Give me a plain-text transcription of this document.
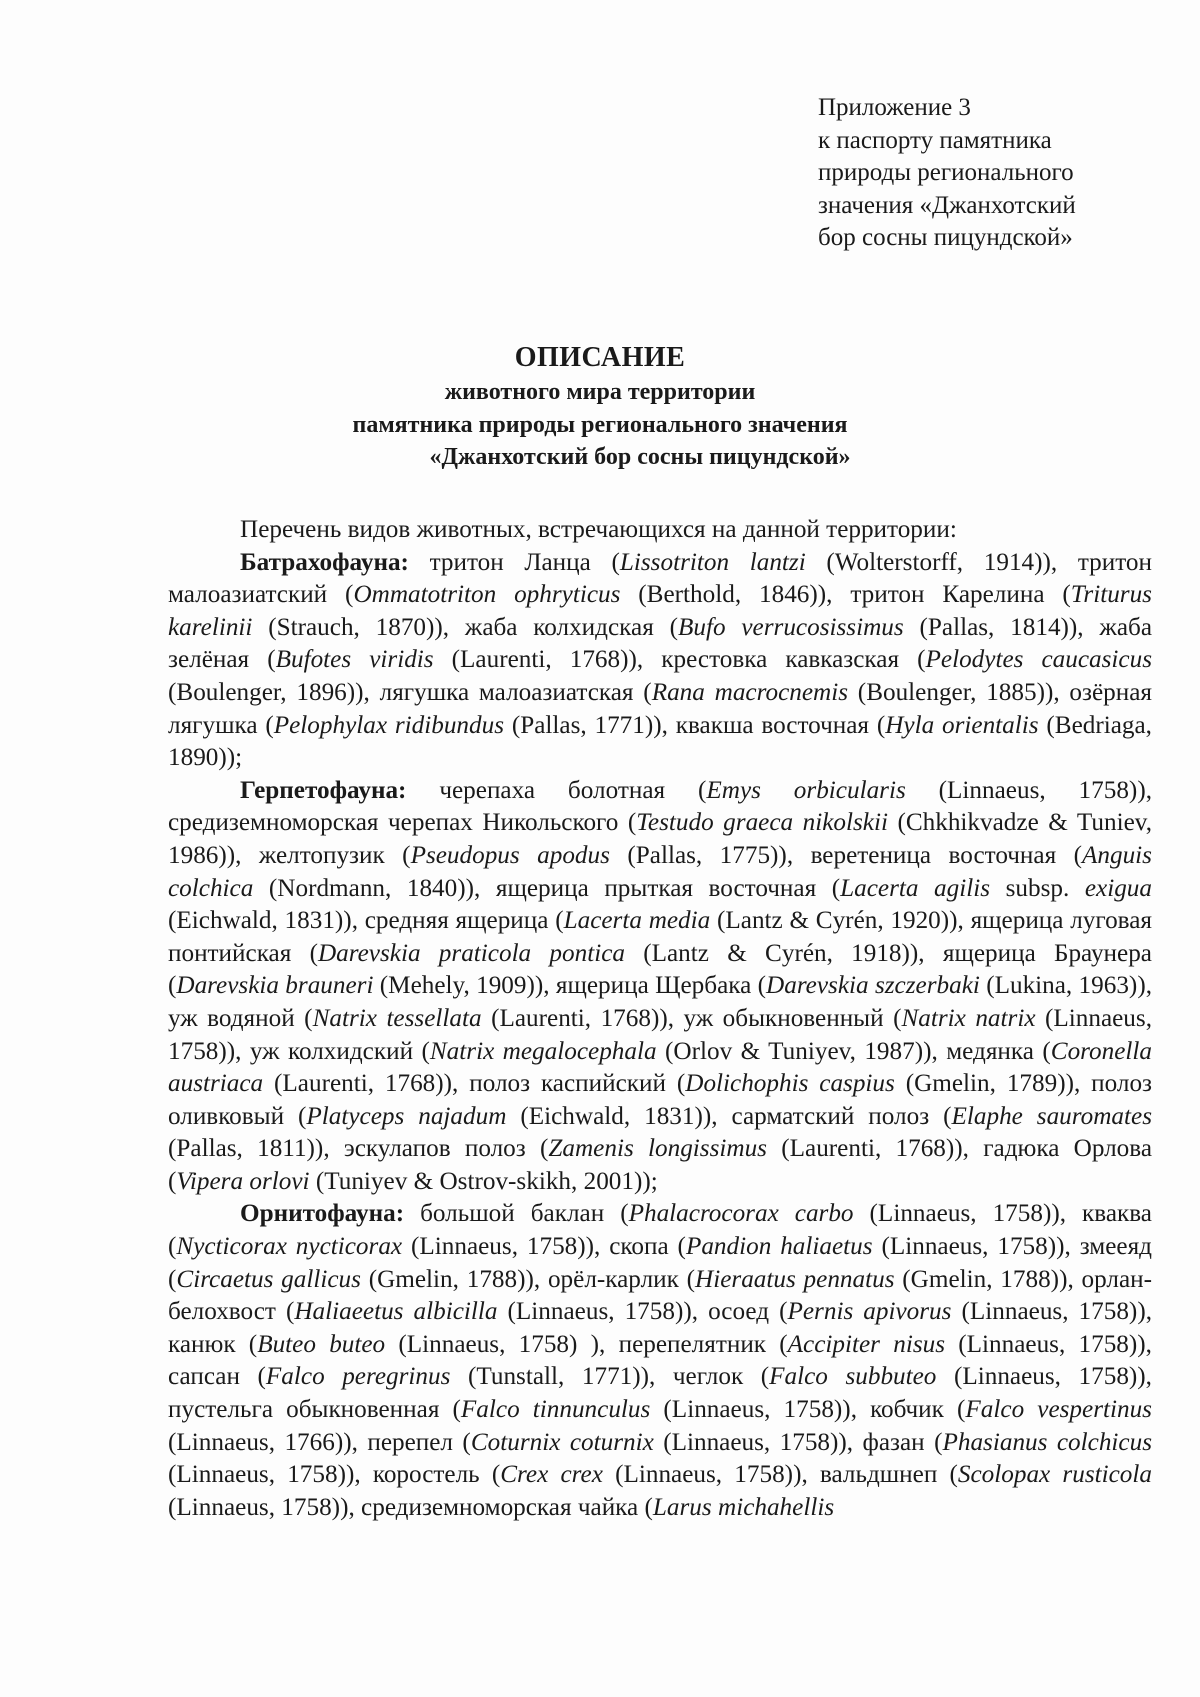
Приложение 3
к паспорту памятника
природы регионального
значения «Джанхотский
бор сосны пицундской»
ОПИСАНИЕ
животного мира территории
памятника природы регионального значения
«Джанхотский бор сосны пицундской»

Перечень видов животных, встречающихся на данной территории:

Батрахофауна: тритон Ланца (Lissotriton lantzi (Wolterstorff, 1914)), тритон малоазиатский (Ommatotriton ophryticus (Berthold, 1846)), тритон Карелина (Triturus karelinii (Strauch, 1870)), жаба колхидская (Bufo verrucosissimus (Pallas, 1814)), жаба зелёная (Bufotes viridis (Laurenti, 1768)), крестовка кавказская (Pelodytes caucasicus (Boulenger, 1896)), лягушка малоазиатская (Rana macrocnemis (Boulenger, 1885)), озёрная лягушка (Pelophylax ridibundus (Pallas, 1771)), квакша восточная (Hyla orientalis (Bedriaga, 1890));

Герпетофауна: черепаха болотная (Emys orbicularis (Linnaeus, 1758)), средиземноморская черепах Никольского (Testudo graeca nikolskii (Chkhikvadze & Tuniev, 1986)), желтопузик (Pseudopus apodus (Pallas, 1775)), веретеница восточная (Anguis colchica (Nordmann, 1840)), ящерица прыткая восточная (Lacerta agilis subsp. exigua (Eichwald, 1831)), средняя ящерица (Lacerta media (Lantz & Cyrén, 1920)), ящерица луговая понтийская (Darevskia praticola pontica (Lantz & Cyrén, 1918)), ящерица Браунера (Darevskia brauneri (Mehely, 1909)), ящерица Щербака (Darevskia szczerbaki (Lukina, 1963)), уж водяной (Natrix tessellata (Laurenti, 1768)), уж обыкновенный (Natrix natrix (Linnaeus, 1758)), уж колхидский (Natrix megalocephala (Orlov & Tuniyev, 1987)), медянка (Coronella austriaca (Laurenti, 1768)), полоз каспийский (Dolichophis caspius (Gmelin, 1789)), полоз оливковый (Platyceps najadum (Eichwald, 1831)), сарматский полоз (Elaphe sauromates (Pallas, 1811)), эскулапов полоз (Zamenis longissimus (Laurenti, 1768)), гадюка Орлова (Vipera orlovi (Tuniyev & Ostrov-skikh, 2001));

Орнитофауна: большой баклан (Phalacrocorax carbo (Linnaeus, 1758)), кваква (Nycticorax nycticorax (Linnaeus, 1758)), скопа (Pandion haliaetus (Linnaeus, 1758)), змееяд (Circaetus gallicus (Gmelin, 1788)), орёл-карлик (Hieraatus pennatus (Gmelin, 1788)), орлан-белохвост (Haliaeetus albicilla (Linnaeus, 1758)), осоед (Pernis apivorus (Linnaeus, 1758)), канюк (Buteo buteo (Linnaeus, 1758) ), перепелятник (Accipiter nisus (Linnaeus, 1758)), сапсан (Falco peregrinus (Tunstall, 1771)), чеглок (Falco subbuteo (Linnaeus, 1758)), пустельга обыкновенная (Falco tinnunculus (Linnaeus, 1758)), кобчик (Falco vespertinus (Linnaeus, 1766)), перепел (Coturnix coturnix (Linnaeus, 1758)), фазан (Phasianus colchicus (Linnaeus, 1758)), коростель (Crex crex (Linnaeus, 1758)), вальдшнеп (Scolopax rusticola (Linnaeus, 1758)), средиземноморская чайка (Larus michahellis
